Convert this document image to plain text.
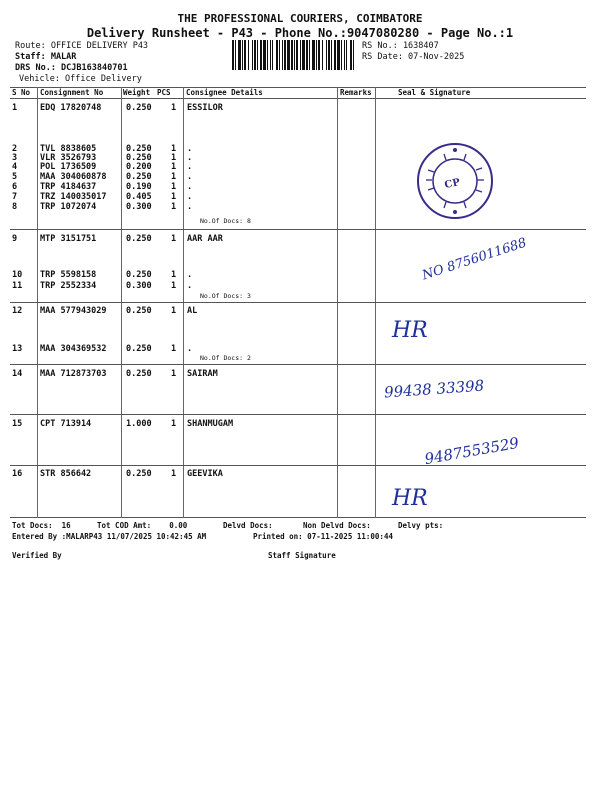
THE PROFESSIONAL COURIERS, COIMBATORE
Delivery Runsheet - P43 - Phone No.:9047080280 - Page No.:1
Route: OFFICE DELIVERY P43
Staff: MALAR
DRS No.: DCJB163840701
Vehicle: Office Delivery
RS No.: 1638407
RS Date: 07-Nov-2025
S No Consignment No	Weight PCS Consignee Details	Remarks	Seal & Signature
1	EDQ 17820748	0.250 1 ESSILOR
2	TVL 8838605	0.250 1 .
3	VLR 3526793	0.250 1 .
4	POL 1736509	0.200 1 .
5	MAA 304060878 0.250 1 .
6	TRP 4184637	0.190 1 .
7	TRZ 140035017 0.405 1 .
8	TRP 1072074	0.300 1 .
No.Of Docs: 8
9	MTP 3151751	0.250 1 AAR AAR
10 TRP 5598158	0.250 1 .
11 TRP 2552334	0.300 1 .
No.Of Docs: 3
12 MAA 577943029 0.250 1 AL
13 MAA 304369532 0.250 1 .
No.Of Docs: 2
14 MAA 712873703 0.250 1 SAIRAM
15 CPT 713914	1.000 1 SHANMUGAM
16 STR 856642	0.250 1 GEEVIKA
CP
NO 8756011688
HR
99438 33398
9487553529
HR
Tot Docs:  16	Tot COD Amt:    0.00	Delvd Docs:	Non Delvd Docs:	Delvy pts:
Entered By :MALARP43 11/07/2025 10:42:45 AM	Printed on: 07-11-2025 11:00:44
Verified By	Staff Signature
